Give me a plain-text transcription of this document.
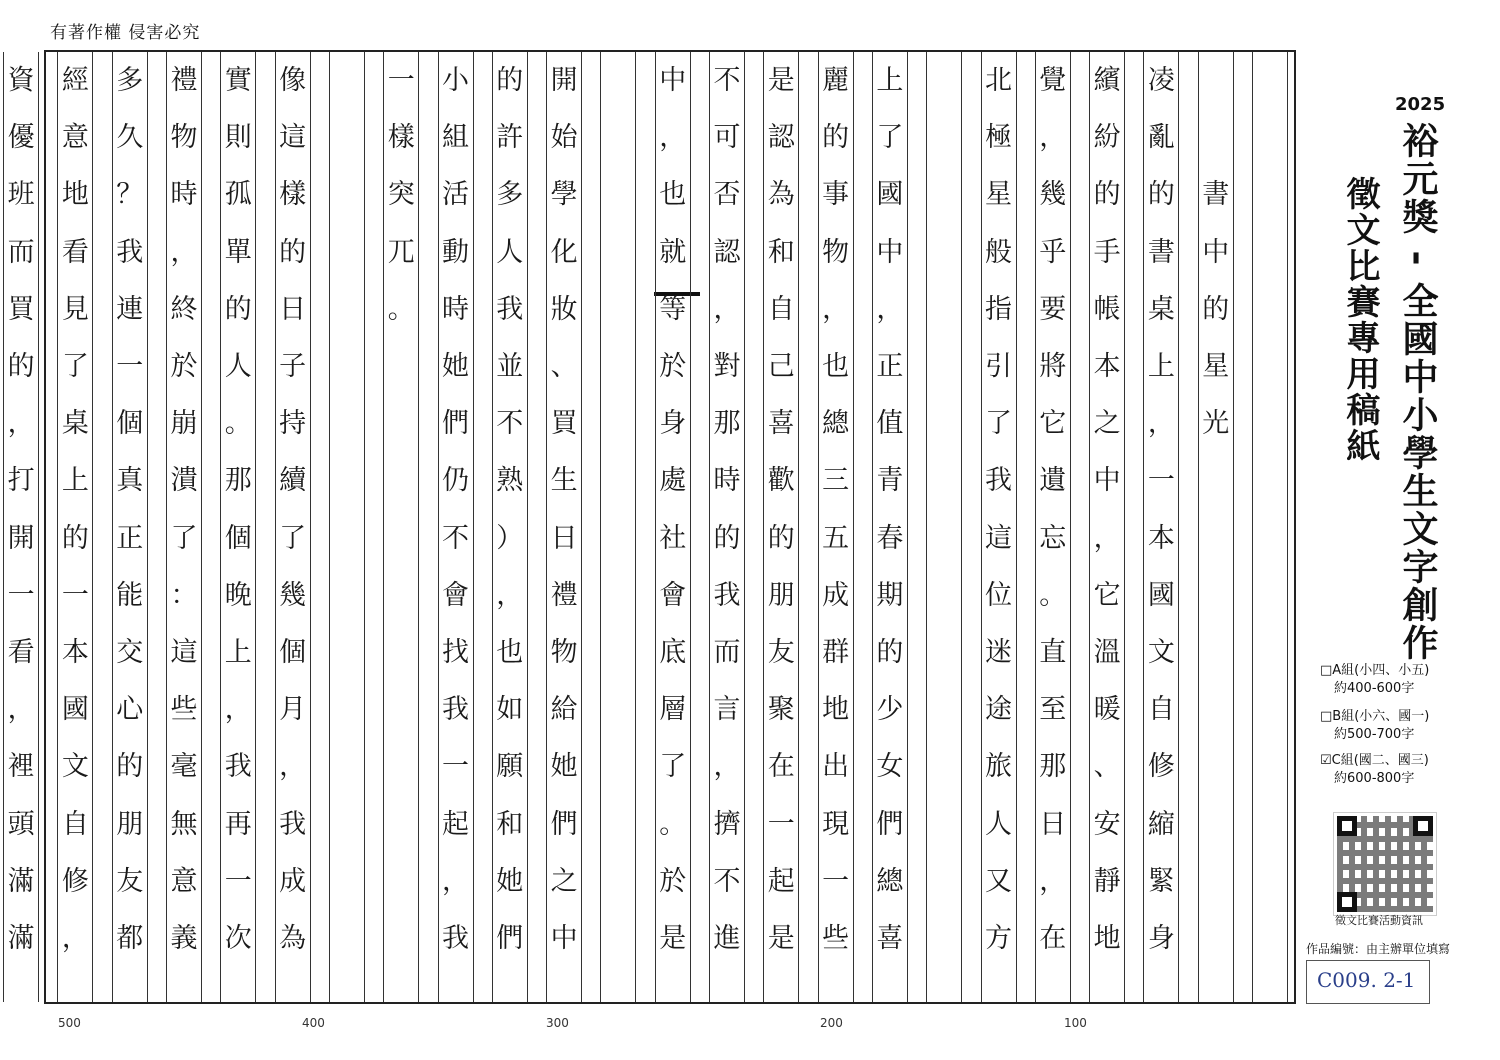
有著作權 侵害必究
書
中
的
星
光
凌
亂
的
書
桌
上
，
一
本
國
文
自
修
縮
緊
身
繽
紛
的
手
帳
本
之
中
，
它
溫
暖
、
安
靜
地
覺
，
幾
乎
要
將
它
遺
忘
。
直
至
那
日
，
在
北
極
星
般
指
引
了
我
這
位
迷
途
旅
人
又
方
上
了
國
中
，
正
值
青
春
期
的
少
女
們
總
喜
麗
的
事
物
，
也
總
三
五
成
群
地
出
現
一
些
是
認
為
和
自
己
喜
歡
的
朋
友
聚
在
一
起
是
不
可
否
認
，
對
那
時
的
我
而
言
，
擠
不
進
中
，
也
就
等
於
身
處
社
會
底
層
了
。
於
是
開
始
學
化
妝
、
買
生
日
禮
物
給
她
們
之
中
的
許
多
人
我
並
不
熟
）
，
也
如
願
和
她
們
小
組
活
動
時
她
們
仍
不
會
找
我
一
起
，
我
一
樣
突
兀
。
像
這
樣
的
日
子
持
續
了
幾
個
月
，
我
成
為
實
則
孤
單
的
人
。
那
個
晚
上
，
我
再
一
次
禮
物
時
，
終
於
崩
潰
了
：
這
些
毫
無
意
義
多
久
？
我
連
一
個
真
正
能
交
心
的
朋
友
都
經
意
地
看
見
了
桌
上
的
一
本
國
文
自
修
，
資
優
班
而
買
的
，
打
開
一
看
，
裡
頭
滿
滿
500	400	300	200	100
2025
裕元獎 - 全國中小學生文字創作
徵文比賽專用稿紙
□A組(小四、小五)
約400-600字
□B組(小六、國一)
約500-700字
☑C組(國二、國三)
約600-800字
徵文比賽活動資訊
作品編號：由主辦單位填寫
C009. 2-1
